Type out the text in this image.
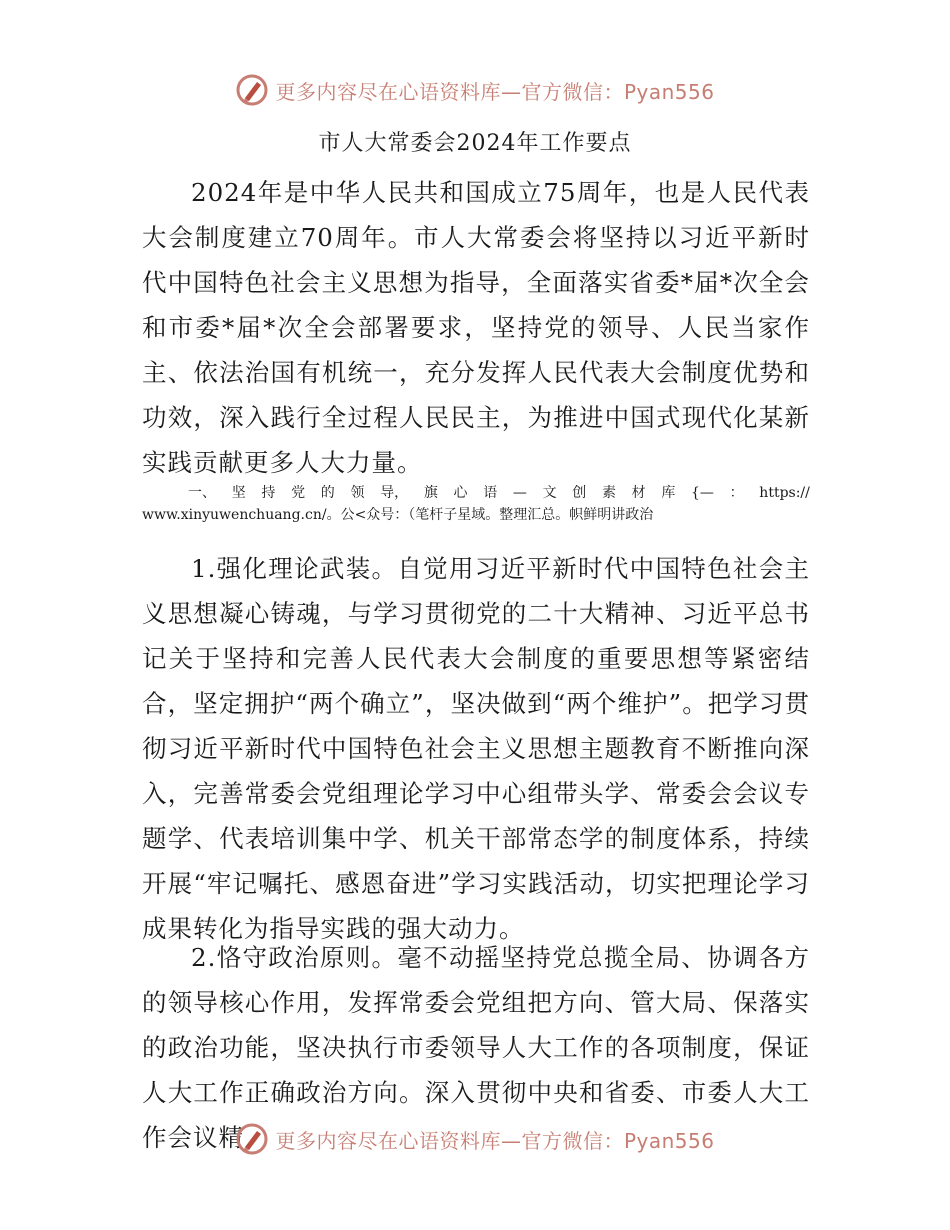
更多内容尽在心语资料库—官方微信：Pyan556
市人大常委会2024年工作要点
2024年是中华人民共和国成立75周年，也是人民代表大会制度建立70周年。市人大常委会将坚持以习近平新时代中国特色社会主义思想为指导，全面落实省委*届*次全会和市委*届*次全会部署要求，坚持党的领导、人民当家作主、依法治国有机统一，充分发挥人民代表大会制度优势和功效，深入践行全过程人民民主，为推进中国式现代化某新实践贡献更多人大力量。
一、 坚 持 党 的 领 导， 旗 心 语 — 文 创 素 材 库 {— ： https://
www.xinyuwenchuang.cn/。公<众号：（笔杆子星域。整理汇总。帜鲜明讲政治
1.强化理论武装。自觉用习近平新时代中国特色社会主义思想凝心铸魂，与学习贯彻党的二十大精神、习近平总书记关于坚持和完善人民代表大会制度的重要思想等紧密结合，坚定拥护“两个确立”，坚决做到“两个维护”。把学习贯彻习近平新时代中国特色社会主义思想主题教育不断推向深入，完善常委会党组理论学习中心组带头学、常委会会议专题学、代表培训集中学、机关干部常态学的制度体系，持续开展“牢记嘱托、感恩奋进”学习实践活动，切实把理论学习成果转化为指导实践的强大动力。
2.恪守政治原则。毫不动摇坚持党总揽全局、协调各方的领导核心作用，发挥常委会党组把方向、管大局、保落实的政治功能，坚决执行市委领导人大工作的各项制度，保证人大工作正确政治方向。深入贯彻中央和省委、市委人大工作会议精	更多内容尽在心语资料库—官方微信：Pyan556
